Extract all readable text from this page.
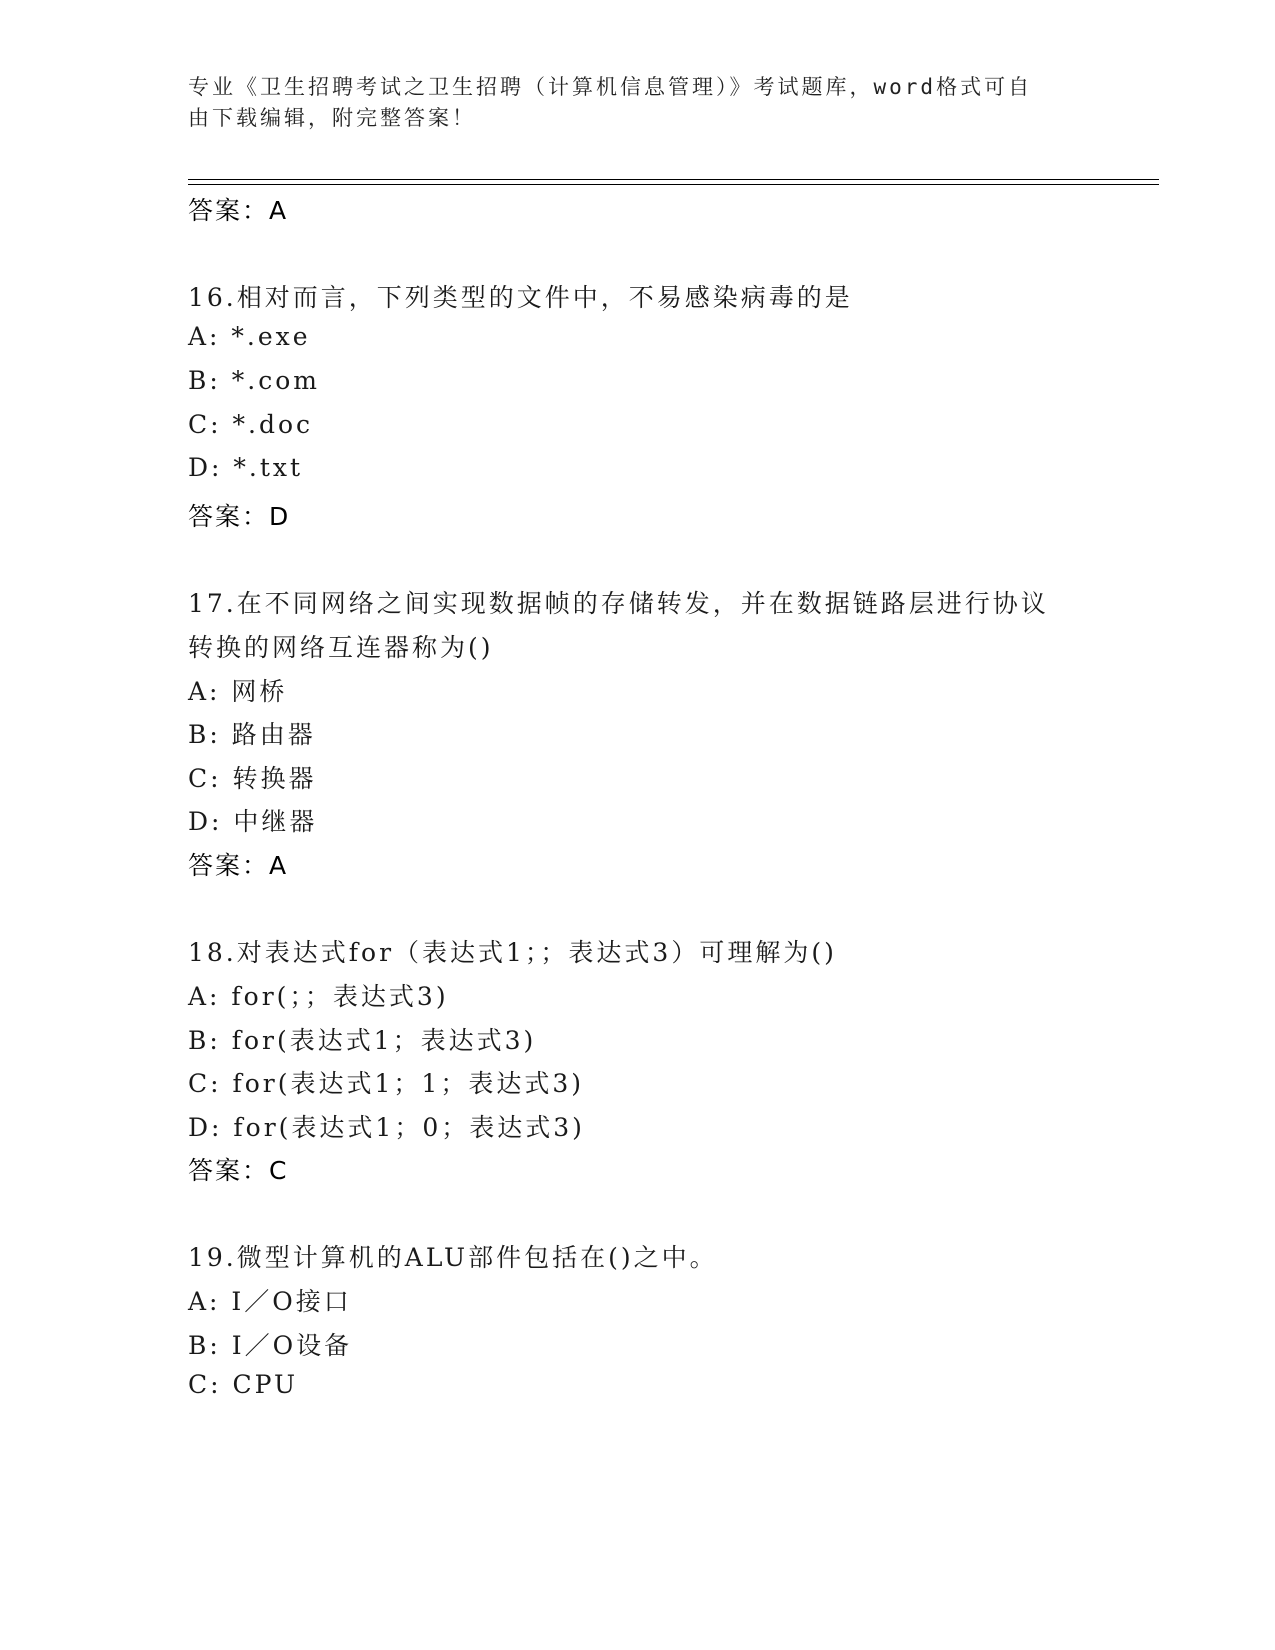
专业《卫生招聘考试之卫生招聘（计算机信息管理）》考试题库，word格式可自
由下载编辑，附完整答案！
答案：A
16.相对而言，下列类型的文件中，不易感染病毒的是
A: *.exe
B: *.com
C: *.doc
D: *.txt
答案：D
17.在不同网络之间实现数据帧的存储转发，并在数据链路层进行协议
转换的网络互连器称为()
A: 网桥
B: 路由器
C: 转换器
D: 中继器
答案：A
18.对表达式for（表达式1；；表达式3）可理解为()
A: for(；；表达式3)
B: for(表达式1；表达式3)
C: for(表达式1；1；表达式3)
D: for(表达式1；0；表达式3)
答案：C
19.微型计算机的ALU部件包括在()之中。
A: I／O接口
B: I／O设备
C: CPU
